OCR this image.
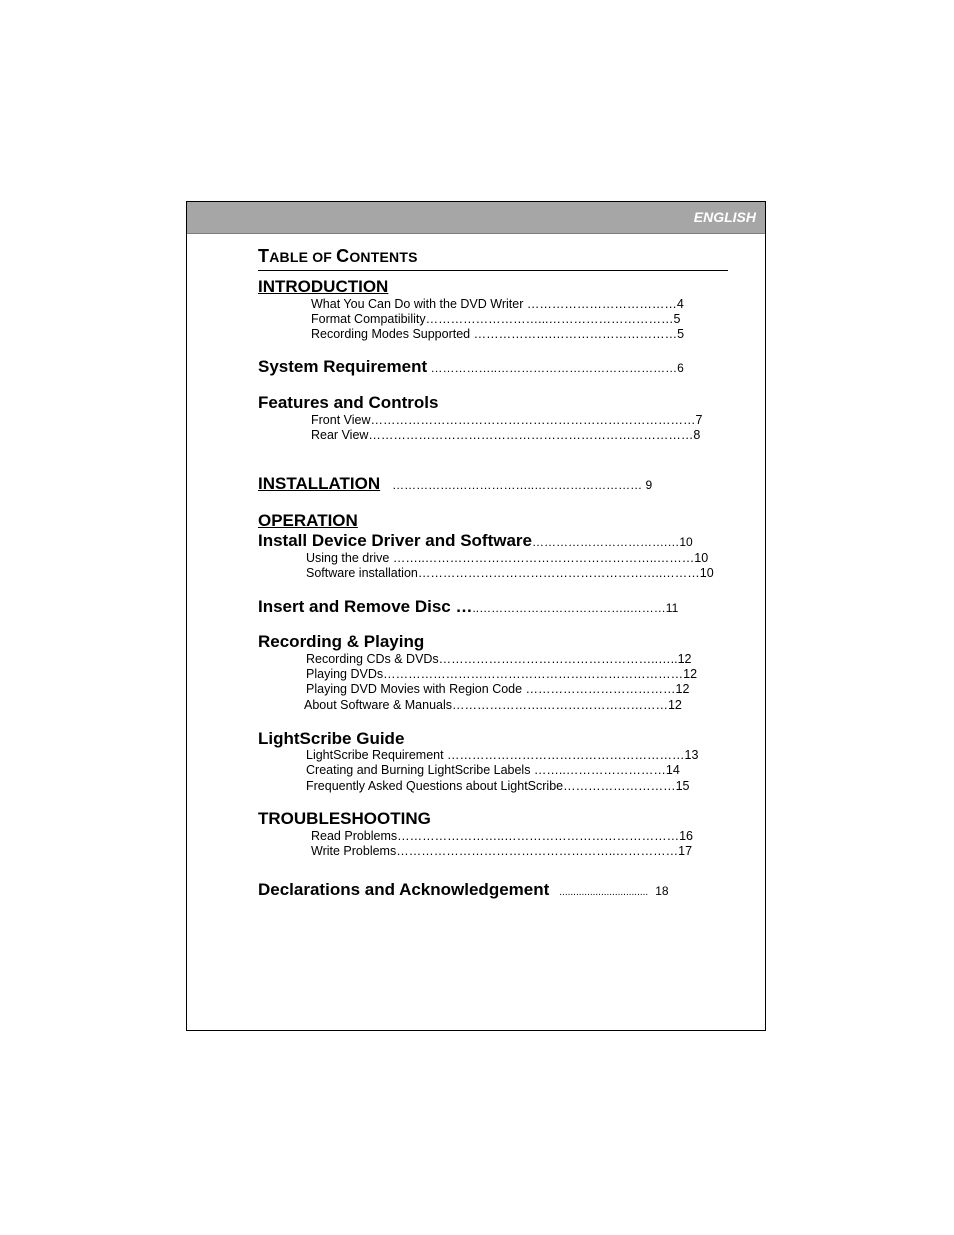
ENGLISH
TABLE OF CONTENTS
INTRODUCTION
What You Can Do with the DVD Writer ………………………………4
Format Compatibility………………………...…………………………5
Recording Modes Supported ……………….…………………………5
System Requirement ……………..………………………………………6
Features and Controls
Front View……………………………………………………………………7
Rear View……………………………………………………………………8
INSTALLATION …………….………………..……………………… 9
OPERATION
Install Device Driver and Software…………………………….…10
Using the drive ……..………………………………………………..………10
Software installation…………………………………………………..………10
Insert and Remove Disc …..………………………………..………11
Recording & Playing
Recording CDs & DVDs……………………………………………..…..12
Playing DVDs………………………………………………………………12
Playing DVD Movies with Region Code ………………………………12
About Software & Manuals………………….…………………………12
LightScribe Guide
LightScribe Requirement …………………………………………………13
Creating and Burning LightScribe Labels ……..……………………14
Frequently Asked Questions about LightScribe………………………15
TROUBLESHOOTING
Read Problems……………………..……………………………………16
Write Problems……………………………………………..……………17
Declarations and Acknowledgement ................................ 18
